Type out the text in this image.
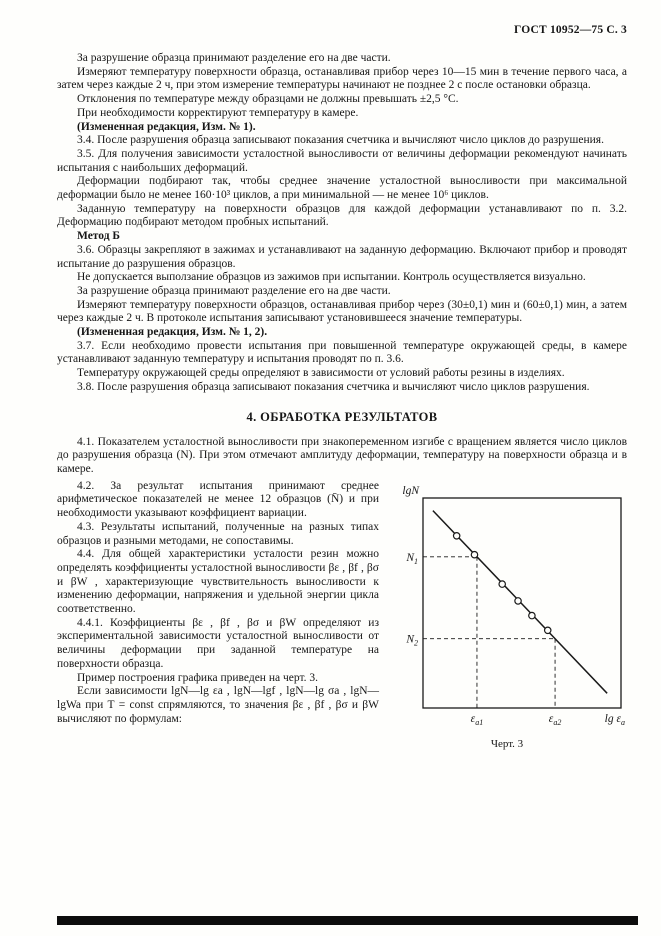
ГОСТ 10952—75 С. 3

За разрушение образца принимают разделение его на две части.

Измеряют температуру поверхности образца, останавливая прибор через 10—15 мин в течение первого часа, а затем через каждые 2 ч, при этом измерение температуры начинают не позднее 2 с после остановки образца.

Отклонения по температуре между образцами не должны превышать ±2,5 °С.

При необходимости корректируют температуру в камере.

(Измененная редакция, Изм. № 1).

3.4. После разрушения образца записывают показания счетчика и вычисляют число циклов до разрушения.

3.5. Для получения зависимости усталостной выносливости от величины деформации рекомендуют начинать испытания с наибольших деформаций.

Деформации подбирают так, чтобы среднее значение усталостной выносливости при максимальной деформации было не менее 160·10³ циклов, а при минимальной — не менее 10⁶ циклов.

Заданную температуру на поверхности образцов для каждой деформации устанавливают по п. 3.2. Деформацию подбирают методом пробных испытаний.

Метод Б

3.6. Образцы закрепляют в зажимах и устанавливают на заданную деформацию. Включают прибор и проводят испытание до разрушения образцов.

Не допускается выползание образцов из зажимов при испытании. Контроль осуществляется визуально.

За разрушение образца принимают разделение его на две части.

Измеряют температуру поверхности образцов, останавливая прибор через (30±0,1) мин и (60±0,1) мин, а затем через каждые 2 ч. В протоколе испытания записывают установившееся значение температуры.

(Измененная редакция, Изм. № 1, 2).

3.7. Если необходимо провести испытания при повышенной температуре окружающей среды, в камере устанавливают заданную температуру и испытания проводят по п. 3.6.

Температуру окружающей среды определяют в зависимости от условий работы резины в изделиях.

3.8. После разрушения образца записывают показания счетчика и вычисляют число циклов разрушения.

4. ОБРАБОТКА РЕЗУЛЬТАТОВ

4.1. Показателем усталостной выносливости при знакопеременном изгибе с вращением является число циклов до разрушения образца (N). При этом отмечают амплитуду деформации, температуру на поверхности образца и в камере.

4.2. За результат испытания принимают среднее арифметическое показателей не менее 12 образцов (N̄) и при необходимости указывают коэффициент вариации.

4.3. Результаты испытаний, полученные на разных типах образцов и разными методами, не сопоставимы.

4.4. Для общей характеристики усталости резин можно определять коэффициенты усталостной выносливости βε , βf , βσ и βW , характеризующие чувствительность выносливости к изменению деформации, напряжения и удельной энергии цикла соответственно.

4.4.1. Коэффициенты βε , βf , βσ и βW определяют из экспериментальной зависимости усталостной выносливости от величины деформации при заданной температуре на поверхности образца.

Пример построения графика приведен на черт. 3.

Если зависимости lgN—lg εa , lgN—lgf , lgN—lg σa , lgN—lgWa при Т = const спрямляются, то значения βε , βf , βσ и βW вычисляют по формулам:

$N_1$
$\varepsilon_{a1}$
$N_2$
$\varepsilon_{a2}$
lgN
$\lg \varepsilon_a$
Черт. 3
